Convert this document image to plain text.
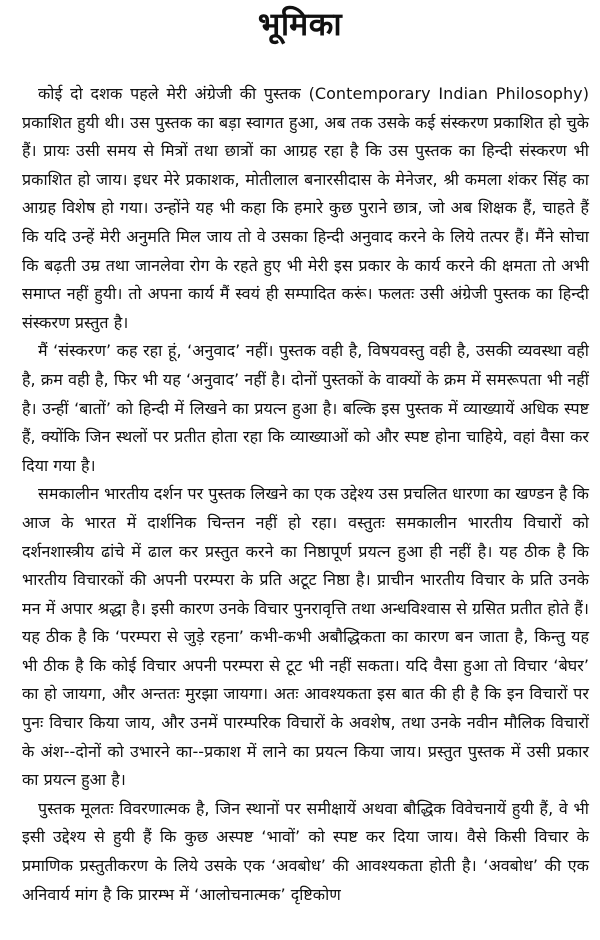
भूमिका

कोई दो दशक पहले मेरी अंग्रेजी की पुस्तक (Contemporary Indian Philosophy) प्रकाशित हुयी थी। उस पुस्तक का बड़ा स्वागत हुआ, अब तक उसके कई संस्करण प्रकाशित हो चुके हैं। प्रायः उसी समय से मित्रों तथा छात्रों का आग्रह रहा है कि उस पुस्तक का हिन्दी संस्करण भी प्रकाशित हो जाय। इधर मेरे प्रकाशक, मोतीलाल बनारसीदास के मेनेजर, श्री कमला शंकर सिंह का आग्रह विशेष हो गया। उन्होंने यह भी कहा कि हमारे कुछ पुराने छात्र, जो अब शिक्षक हैं, चाहते हैं कि यदि उन्हें मेरी अनुमति मिल जाय तो वे उसका हिन्दी अनुवाद करने के लिये तत्पर हैं। मैंने सोचा कि बढ़ती उम्र तथा जानलेवा रोग के रहते हुए भी मेरी इस प्रकार के कार्य करने की क्षमता तो अभी समाप्त नहीं हुयी। तो अपना कार्य मैं स्वयं ही सम्पादित करूं। फलतः उसी अंग्रेजी पुस्तक का हिन्दी संस्करण प्रस्तुत है।

मैं ‘संस्करण’ कह रहा हूं, ‘अनुवाद’ नहीं। पुस्तक वही है, विषयवस्तु वही है, उसकी व्यवस्था वही है, क्रम वही है, फिर भी यह ‘अनुवाद’ नहीं है। दोनों पुस्तकों के वाक्यों के क्रम में समरूपता भी नहीं है। उन्हीं ‘बातों’ को हिन्दी में लिखने का प्रयत्न हुआ है। बल्कि इस पुस्तक में व्याख्यायें अधिक स्पष्ट हैं, क्योंकि जिन स्थलों पर प्रतीत होता रहा कि व्याख्याओं को और स्पष्ट होना चाहिये, वहां वैसा कर दिया गया है।

समकालीन भारतीय दर्शन पर पुस्तक लिखने का एक उद्देश्य उस प्रचलित धारणा का खण्डन है कि आज के भारत में दार्शनिक चिन्तन नहीं हो रहा। वस्तुतः समकालीन भारतीय विचारों को दर्शनशास्त्रीय ढांचे में ढाल कर प्रस्तुत करने का निष्ठापूर्ण प्रयत्न हुआ ही नहीं है। यह ठीक है कि भारतीय विचारकों की अपनी परम्परा के प्रति अटूट निष्ठा है। प्राचीन भारतीय विचार के प्रति उनके मन में अपार श्रद्धा है। इसी कारण उनके विचार पुनरावृत्ति तथा अन्धविश्वास से ग्रसित प्रतीत होते हैं। यह ठीक है कि ‘परम्परा से जुड़े रहना’ कभी-कभी अबौद्धिकता का कारण बन जाता है, किन्तु यह भी ठीक है कि कोई विचार अपनी परम्परा से टूट भी नहीं सकता। यदि वैसा हुआ तो विचार ‘बेघर’ का हो जायगा, और अन्ततः मुरझा जायगा। अतः आवश्यकता इस बात की ही है कि इन विचारों पर पुनः विचार किया जाय, और उनमें पारम्परिक विचारों के अवशेष, तथा उनके नवीन मौलिक विचारों के अंश--दोनों को उभारने का--प्रकाश में लाने का प्रयत्न किया जाय। प्रस्तुत पुस्तक में उसी प्रकार का प्रयत्न हुआ है।

पुस्तक मूलतः विवरणात्मक है, जिन स्थानों पर समीक्षायें अथवा बौद्धिक विवेचनायें हुयी हैं, वे भी इसी उद्देश्य से हुयी हैं कि कुछ अस्पष्ट ‘भावों’ को स्पष्ट कर दिया जाय। वैसे किसी विचार के प्रमाणिक प्रस्तुतीकरण के लिये उसके एक ‘अवबोध’ की आवश्यकता होती है। ‘अवबोध’ की एक अनिवार्य मांग है कि प्रारम्भ में ‘आलोचनात्मक’ दृष्टिकोण
